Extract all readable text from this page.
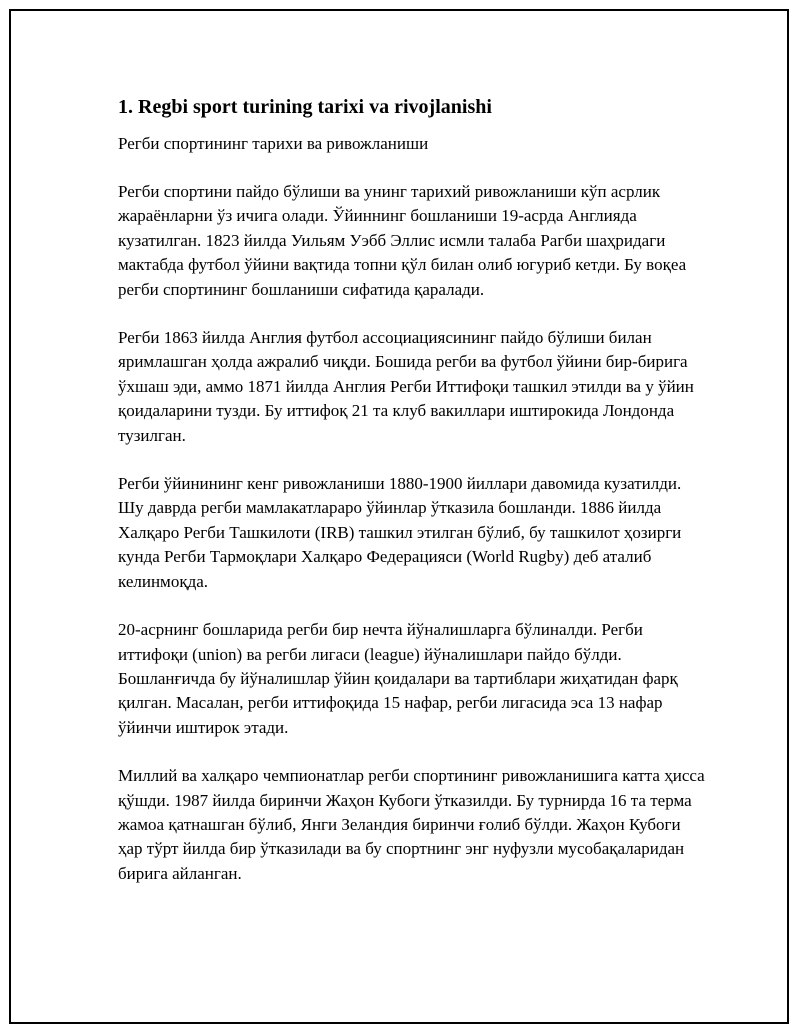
1. Regbi sport turining tarixi va rivojlanishi

Регби спортининг тарихи ва ривожланиши

Регби спортини пайдо бўлиши ва унинг тарихий ривожланиши кўп асрлик жараёнларни ўз ичига олади. Ўйиннинг бошланиши 19-асрда Англияда кузатилган. 1823 йилда Уильям Уэбб Эллис исмли талаба Рагби шаҳридаги мактабда футбол ўйини вақтида топни қўл билан олиб югуриб кетди. Бу воқеа регби спортининг бошланиши сифатида қаралади.

Регби 1863 йилда Англия футбол ассоциациясининг пайдо бўлиши билан яримлашган ҳолда ажралиб чиқди. Бошида регби ва футбол ўйини бир-бирига ўхшаш эди, аммо 1871 йилда Англия Регби Иттифоқи ташкил этилди ва у ўйин қоидаларини тузди. Бу иттифоқ 21 та клуб вакиллари иштирокида Лондонда тузилган.

Регби ўйинининг кенг ривожланиши 1880-1900 йиллари давомида кузатилди. Шу даврда регби мамлакатлараро ўйинлар ўтказила бошланди. 1886 йилда Халқаро Регби Ташкилоти (IRB) ташкил этилган бўлиб, бу ташкилот ҳозирги кунда Регби Тармоқлари Халқаро Федерацияси (World Rugby) деб аталиб келинмоқда.

20-асрнинг бошларида регби бир нечта йўналишларга бўлиналди. Регби иттифоқи (union) ва регби лигаси (league) йўналишлари пайдо бўлди. Бошланғичда бу йўналишлар ўйин қоидалари ва тартиблари жиҳатидан фарқ қилган. Масалан, регби иттифоқида 15 нафар, регби лигасида эса 13 нафар ўйинчи иштирок этади.

Миллий ва халқаро чемпионатлар регби спортининг ривожланишига катта ҳисса қўшди. 1987 йилда биринчи Жаҳон Кубоги ўтказилди. Бу турнирда 16 та терма жамоа қатнашган бўлиб, Янги Зеландия биринчи ғолиб бўлди. Жаҳон Кубоги ҳар тўрт йилда бир ўтказилади ва бу спортнинг энг нуфузли мусобақаларидан бирига айланган.
